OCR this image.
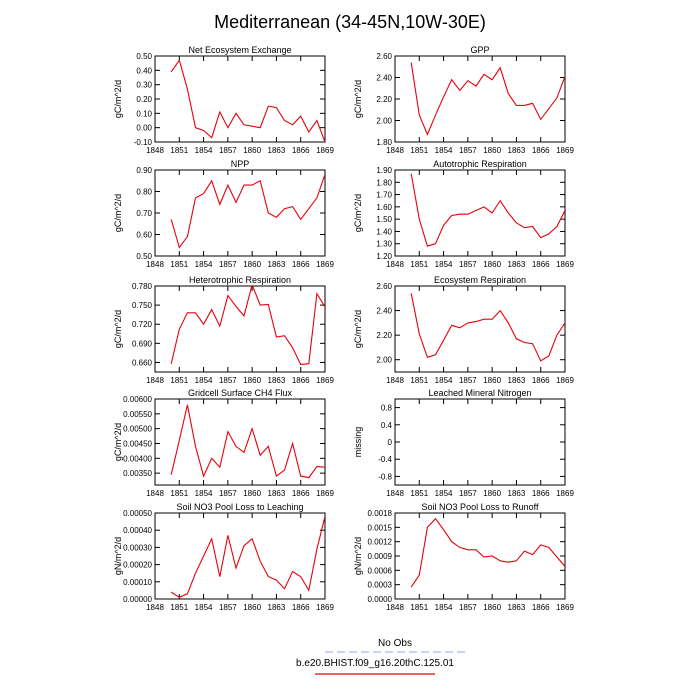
Mediterranean (34-45N,10W-30E)
Net Ecosystem Exchange
gC/m^2/d
-0.10
0.00
0.10
0.20
0.30
0.40
0.50
1848 1851 1854 1857 1860 1863 1866 1869
GPP
gC/m^2/d
1.80
2.00
2.20
2.40
2.60
1848 1851 1854 1857 1860 1863 1866 1869
NPP
gC/m^2/d
0.50
0.60
0.70
0.80
0.90
1848 1851 1854 1857 1860 1863 1866 1869
Autotrophic Respiration
gC/m^2/d
1.20
1.30
1.40
1.50
1.60
1.70
1.80
1.90
1848 1851 1854 1857 1860 1863 1866 1869
Heterotrophic Respiration
gC/m^2/d
0.660
0.690
0.720
0.750
0.780
1848 1851 1854 1857 1860 1863 1866 1869
Ecosystem Respiration
gC/m^2/d
2.00
2.20
2.40
2.60
1848 1851 1854 1857 1860 1863 1866 1869
Gridcell Surface CH4 Flux
gC/m^2/d
0.00350
0.00400
0.00450
0.00500
0.00550
0.00600
1848 1851 1854 1857 1860 1863 1866 1869
Leached Mineral Nitrogen
missing
-0.8
-0.4
0
0.4
0.8
1848 1851 1854 1857 1860 1863 1866 1869
Soil NO3 Pool Loss to Leaching
gN/m^2/d
0.00000
0.00010
0.00020
0.00030
0.00040
0.00050
1848 1851 1854 1857 1860 1863 1866 1869
Soil NO3 Pool Loss to Runoff
gN/m^2/d
0.0000
0.0003
0.0006
0.0009
0.0012
0.0015
0.0018
1848 1851 1854 1857 1860 1863 1866 1869
No Obs
b.e20.BHIST.f09_g16.20thC.125.01
